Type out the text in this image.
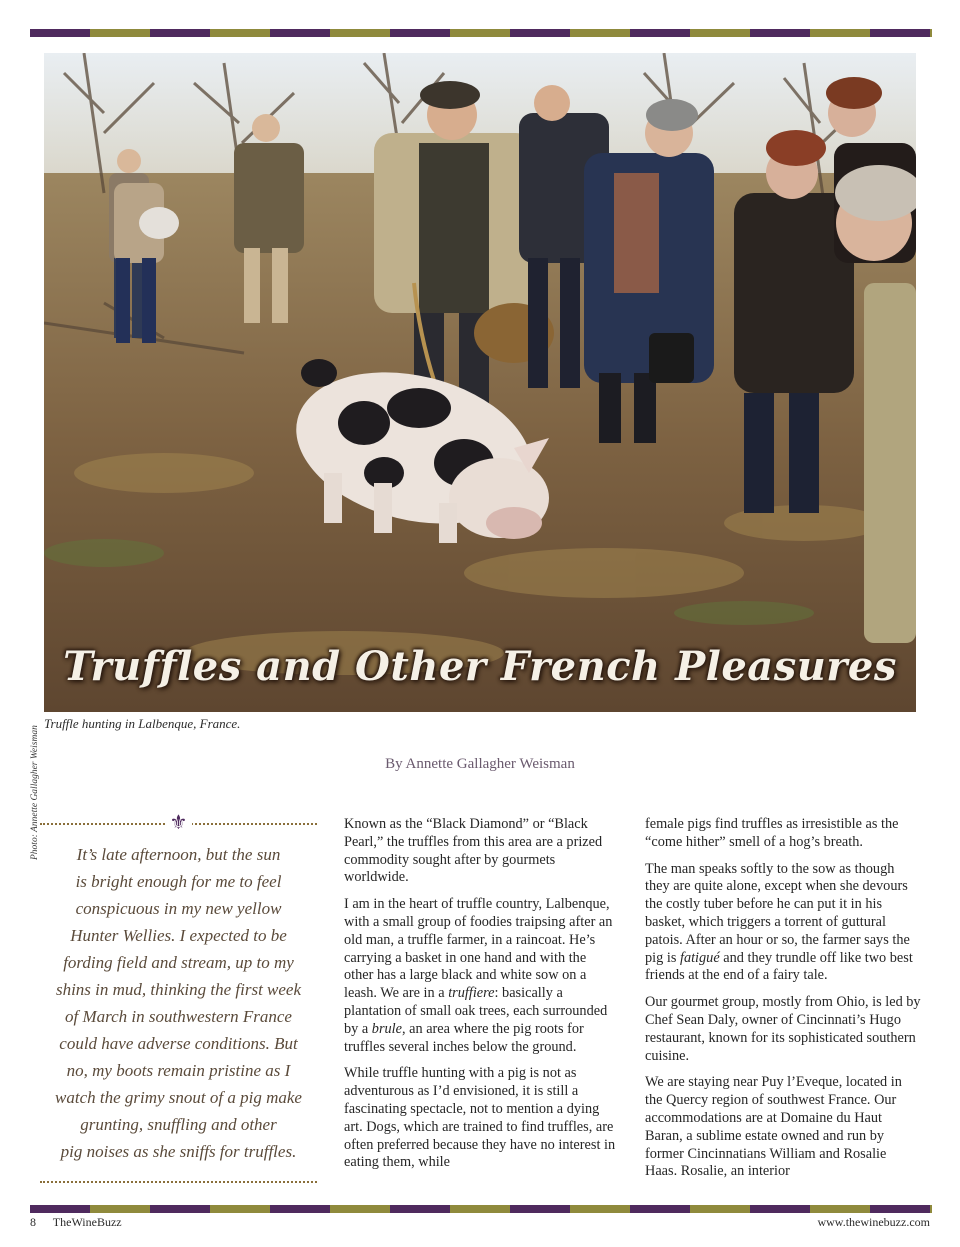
Truffles and Other French Pleasures
Photo: Annette Gallagher Weisman
Truffle hunting in Lalbenque, France.
By Annette Gallagher Weisman
⚜
It’s late afternoon, but the sun
is bright enough for me to feel
conspicuous in my new yellow
Hunter Wellies. I expected to be
fording field and stream, up to my
shins in mud, thinking the first week
of March in southwestern France
could have adverse conditions. But
no, my boots remain pristine as I
watch the grimy snout of a pig make
grunting, snuffling and other
pig noises as she sniffs for truffles.

Known as the “Black Diamond” or “Black Pearl,” the truffles from this area are a prized commodity sought after by gourmets worldwide.

I am in the heart of truffle country, Lalbenque, with a small group of foodies traipsing after an old man, a truffle farmer, in a raincoat. He’s carrying a basket in one hand and with the other has a large black and white sow on a leash. We are in a truffiere: basically a plantation of small oak trees, each surrounded by a brule, an area where the pig roots for truffles several inches below the ground.

While truffle hunting with a pig is not as adventurous as I’d envisioned, it is still a fascinating spectacle, not to mention a dying art. Dogs, which are trained to find truffles, are often preferred because they have no interest in eating them, while

female pigs find truffles as irresistible as the “come hither” smell of a hog’s breath.

The man speaks softly to the sow as though they are quite alone, except when she devours the costly tuber before he can put it in his basket, which triggers a torrent of guttural patois. After an hour or so, the farmer says the pig is fatigué and they trundle off like two best friends at the end of a fairy tale.

Our gourmet group, mostly from Ohio, is led by Chef Sean Daly, owner of Cincinnati’s Hugo restaurant, known for its sophisticated southern cuisine.

We are staying near Puy l’Eveque, located in the Quercy region of southwest France. Our accommodations are at Domaine du Haut Baran, a sublime estate owned and run by former Cincinnatians William and Rosalie Haas. Rosalie, an interior

8 TheWineBuzz	www.thewinebuzz.com
